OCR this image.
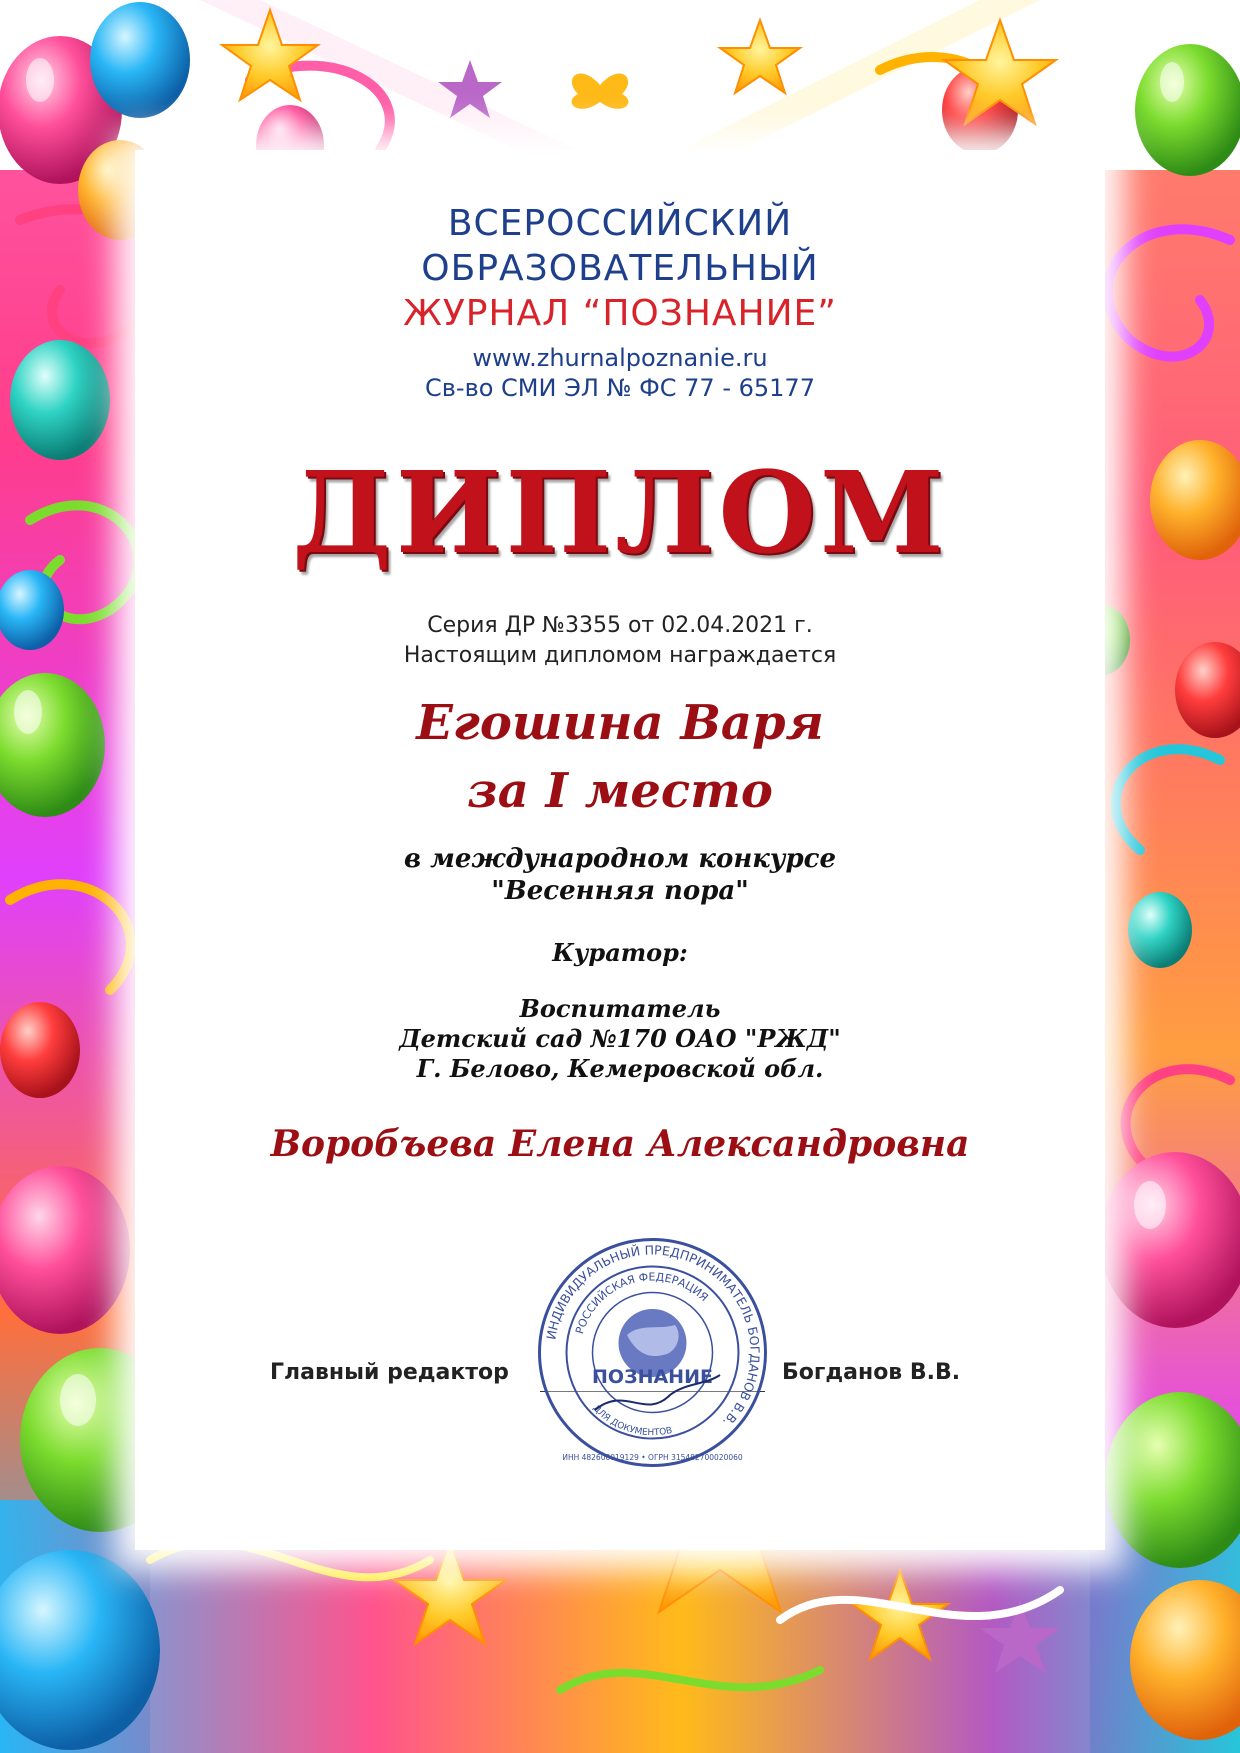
ВСЕРОССИЙСКИЙ
ОБРАЗОВАТЕЛЬНЫЙ
ЖУРНАЛ “ПОЗНАНИЕ”
www.zhurnalpoznanie.ru
Св-во СМИ ЭЛ № ФС 77 - 65177
ДИПЛОМ
Серия ДР №3355 от 02.04.2021 г.
Настоящим дипломом награждается
Егошина Варя
за I место
в международном конкурсе
"Весенняя пора"
Куратор:
Воспитатель
Детский сад №170 ОАО "РЖД"
Г. Белово, Кемеровской обл.
Воробъева Елена Александровна
Главный редактор	Богданов В.В.
ИНДИВИДУАЛЬНЫЙ ПРЕДПРИНИМАТЕЛЬ БОГДАНОВ В.В.
РОССИЙСКАЯ ФЕДЕРАЦИЯ
ДЛЯ ДОКУМЕНТОВ
ИНН 482600019129 • ОГРН 315482700020060
ПОЗНАНИЕ
